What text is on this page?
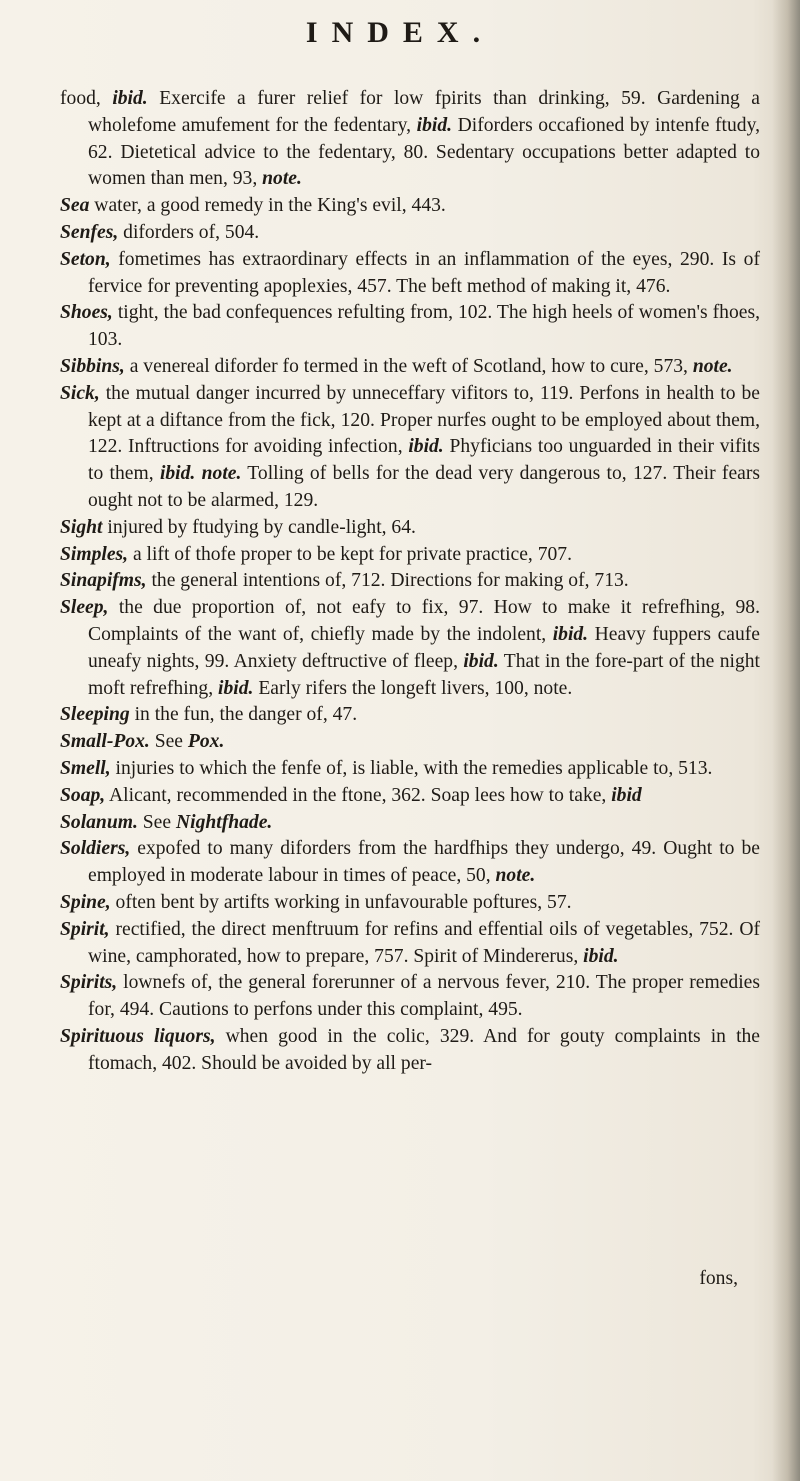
INDEX.

food, ibid. Exercife a furer relief for low fpirits than drinking, 59. Gardening a wholefome amufement for the fedentary, ibid. Diforders occafioned by intenfe ftudy, 62. Dietetical advice to the fedentary, 80. Sedentary occupations better adapted to women than men, 93, note.

Sea water, a good remedy in the King's evil, 443.

Senfes, diforders of, 504.

Seton, fometimes has extraordinary effects in an inflammation of the eyes, 290. Is of fervice for preventing apoplexies, 457. The beft method of making it, 476.

Shoes, tight, the bad confequences refulting from, 102. The high heels of women's fhoes, 103.

Sibbins, a venereal diforder fo termed in the weft of Scotland, how to cure, 573, note.

Sick, the mutual danger incurred by unneceffary vifitors to, 119. Perfons in health to be kept at a diftance from the fick, 120. Proper nurfes ought to be employed about them, 122. Inftructions for avoiding infection, ibid. Phyficians too unguarded in their vifits to them, ibid. note. Tolling of bells for the dead very dangerous to, 127. Their fears ought not to be alarmed, 129.

Sight injured by ftudying by candle-light, 64.

Simples, a lift of thofe proper to be kept for private practice, 707.

Sinapifms, the general intentions of, 712. Directions for making of, 713.

Sleep, the due proportion of, not eafy to fix, 97. How to make it refrefhing, 98. Complaints of the want of, chiefly made by the indolent, ibid. Heavy fuppers caufe uneafy nights, 99. Anxiety deftructive of fleep, ibid. That in the fore-part of the night moft refrefhing, ibid. Early rifers the longeft livers, 100, note.

Sleeping in the fun, the danger of, 47.

Small-Pox. See Pox.

Smell, injuries to which the fenfe of, is liable, with the remedies applicable to, 513.

Soap, Alicant, recommended in the ftone, 362. Soap lees how to take, ibid

Solanum. See Nightfhade.

Soldiers, expofed to many diforders from the hardfhips they undergo, 49. Ought to be employed in moderate labour in times of peace, 50, note.

Spine, often bent by artifts working in unfavourable poftures, 57.

Spirit, rectified, the direct menftruum for refins and effential oils of vegetables, 752. Of wine, camphorated, how to prepare, 757. Spirit of Mindererus, ibid.

Spirits, lownefs of, the general forerunner of a nervous fever, 210. The proper remedies for, 494. Cautions to perfons under this complaint, 495.

Spirituous liquors, when good in the colic, 329. And for gouty complaints in the ftomach, 402. Should be avoided by all per-

fons,
